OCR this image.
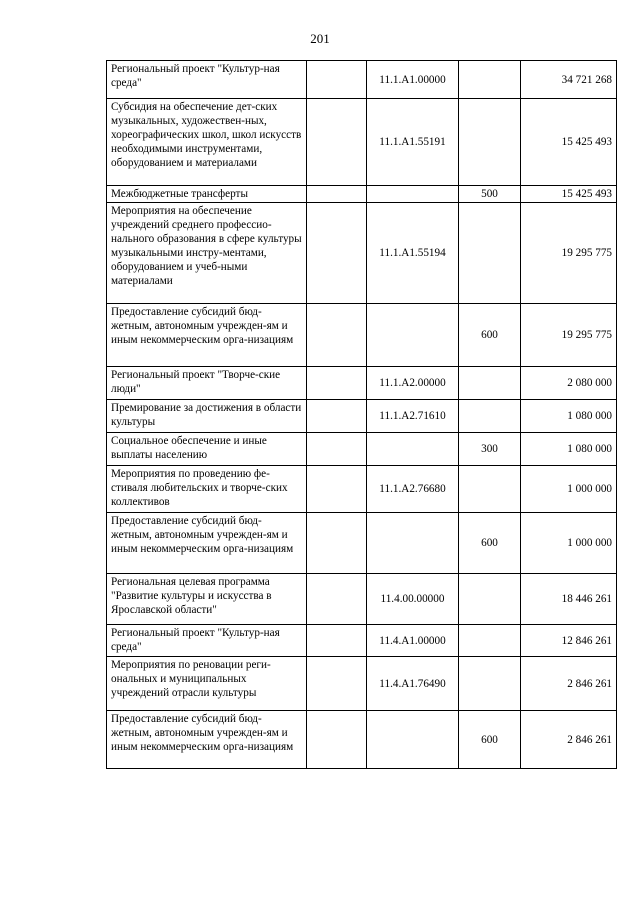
201
Региональный проект "Культур-ная среда"		11.1.A1.00000		34 721 268
Субсидия на обеспечение дет-ских музыкальных, художествен-ных, хореографических школ, школ искусств необходимыми инструментами, оборудованием и материалами		11.1.A1.55191		15 425 493
Межбюджетные трансферты			500	15 425 493
Мероприятия на обеспечение учреждений среднего профессио-нального образования в сфере культуры музыкальными инстру-ментами, оборудованием и учеб-ными материалами		11.1.A1.55194		19 295 775
Предоставление субсидий бюд-жетным, автономным учрежден-ям и иным некоммерческим орга-низациям			600	19 295 775
Региональный проект "Творче-ские люди"		11.1.A2.00000		2 080 000
Премирование за достижения в области культуры		11.1.A2.71610		1 080 000
Социальное обеспечение и иные выплаты населению			300	1 080 000
Мероприятия по проведению фе-стиваля любительских и творче-ских коллективов		11.1.A2.76680		1 000 000
Предоставление субсидий бюд-жетным, автономным учрежден-ям и иным некоммерческим орга-низациям			600	1 000 000
Региональная целевая программа "Развитие культуры и искусства в Ярославской области"		11.4.00.00000		18 446 261
Региональный проект "Культур-ная среда"		11.4.A1.00000		12 846 261
Мероприятия по реновации реги-ональных и муниципальных учреждений отрасли культуры		11.4.A1.76490		2 846 261
Предоставление субсидий бюд-жетным, автономным учрежден-ям и иным некоммерческим орга-низациям			600	2 846 261
